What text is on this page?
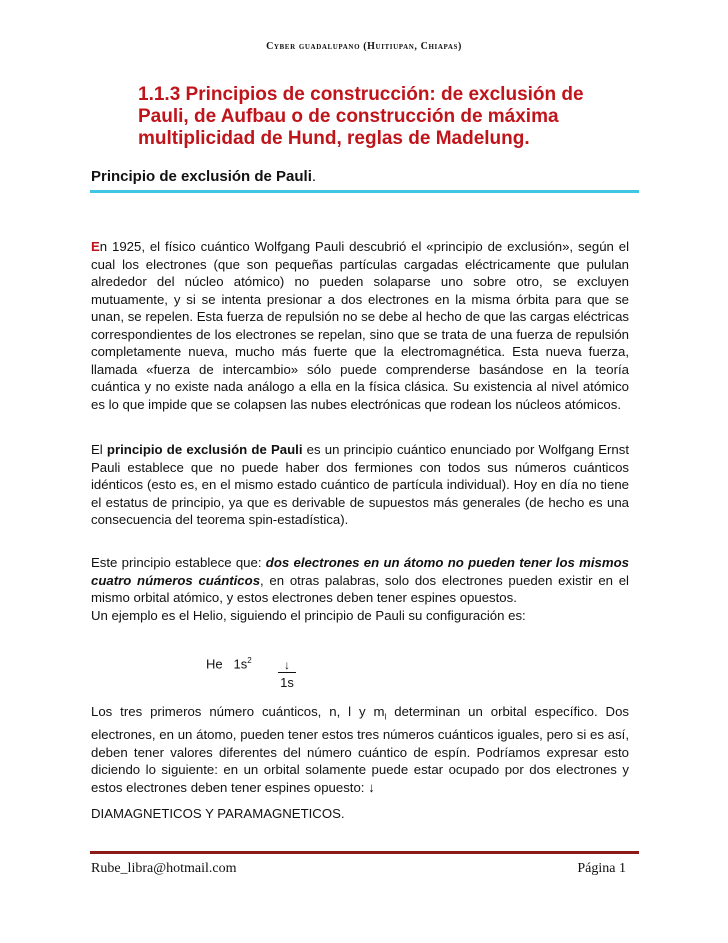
Cyber guadalupano (Huitiupan, Chiapas)
1.1.3 Principios de construcción: de exclusión de Pauli, de Aufbau o de construcción de máxima multiplicidad de Hund, reglas de Madelung.
Principio de exclusión de Pauli.
En 1925, el físico cuántico Wolfgang Pauli descubrió el «principio de exclusión», según el cual los electrones (que son pequeñas partículas cargadas eléctricamente que pululan alrededor del núcleo atómico) no pueden solaparse uno sobre otro, se excluyen mutuamente, y si se intenta presionar a dos electrones en la misma órbita para que se unan, se repelen. Esta fuerza de repulsión no se debe al hecho de que las cargas eléctricas correspondientes de los electrones se repelan, sino que se trata de una fuerza de repulsión completamente nueva, mucho más fuerte que la electromagnética. Esta nueva fuerza, llamada «fuerza de intercambio» sólo puede comprenderse basándose en la teoría cuántica y no existe nada análogo a ella en la física clásica. Su existencia al nivel atómico es lo que impide que se colapsen las nubes electrónicas que rodean los núcleos atómicos.
El principio de exclusión de Pauli es un principio cuántico enunciado por Wolfgang Ernst Pauli establece que no puede haber dos fermiones con todos sus números cuánticos idénticos (esto es, en el mismo estado cuántico de partícula individual). Hoy en día no tiene el estatus de principio, ya que es derivable de supuestos más generales (de hecho es una consecuencia del teorema spin-estadística).
Este principio establece que: dos electrones en un átomo no pueden tener los mismos cuatro números cuánticos, en otras palabras, solo dos electrones pueden existir en el mismo orbital atómico, y estos electrones deben tener espines opuestos.
Un ejemplo es el Helio, siguiendo el principio de Pauli su configuración es:
He $1s^2$	↓
1s
Los tres primeros número cuánticos, n, l y $m_l$ determinan un orbital específico. Dos electrones, en un átomo, pueden tener estos tres números cuánticos iguales, pero si es así, deben tener valores diferentes del número cuántico de espín. Podríamos expresar esto diciendo lo siguiente: en un orbital solamente puede estar ocupado por dos electrones y estos electrones deben tener espines opuesto: ↓
DIAMAGNETICOS Y PARAMAGNETICOS.
Rube_libra@hotmail.com	Página 1
